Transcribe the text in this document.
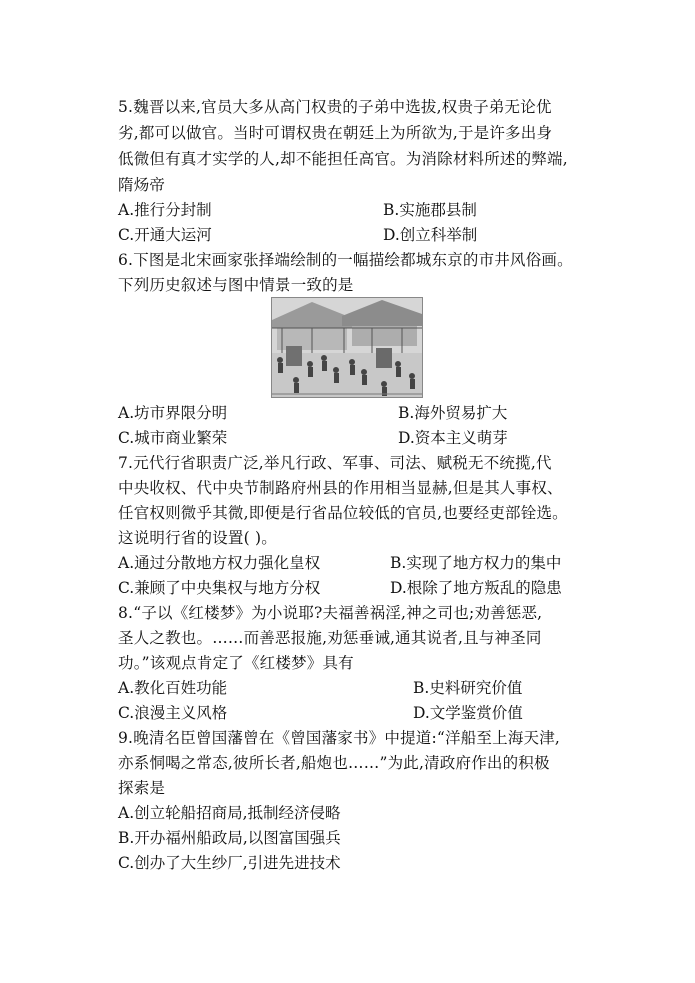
5.魏晋以来,官员大多从高门权贵的子弟中选拔,权贵子弟无论优
劣,都可以做官。当时可谓权贵在朝廷上为所欲为,于是许多出身
低微但有真才实学的人,却不能担任高官。为消除材料所述的弊端,
隋炀帝
A.推行分封制	B.实施郡县制
C.开通大运河	D.创立科举制
6.下图是北宋画家张择端绘制的一幅描绘都城东京的市井风俗画。
下列历史叙述与图中情景一致的是
A.坊市界限分明	B.海外贸易扩大
C.城市商业繁荣	D.资本主义萌芽
7.元代行省职责广泛,举凡行政、军事、司法、赋税无不统揽,代
中央收权、代中央节制路府州县的作用相当显赫,但是其人事权、
任官权则微乎其微,即便是行省品位较低的官员,也要经吏部铨选。
这说明行省的设置( )。
A.通过分散地方权力强化皇权	B.实现了地方权力的集中
C.兼顾了中央集权与地方分权	D.根除了地方叛乱的隐患
8.“子以《红楼梦》为小说耶?夫福善祸淫,神之司也;劝善惩恶,
圣人之教也。……而善恶报施,劝惩垂诫,通其说者,且与神圣同
功。”该观点肯定了《红楼梦》具有
A.教化百姓功能	B.史料研究价值
C.浪漫主义风格	D.文学鉴赏价值
9.晚清名臣曾国藩曾在《曾国藩家书》中提道:“洋船至上海天津,
亦系恫喝之常态,彼所长者,船炮也……”为此,清政府作出的积极
探索是
A.创立轮船招商局,抵制经济侵略
B.开办福州船政局,以图富国强兵
C.创办了大生纱厂,引进先进技术
